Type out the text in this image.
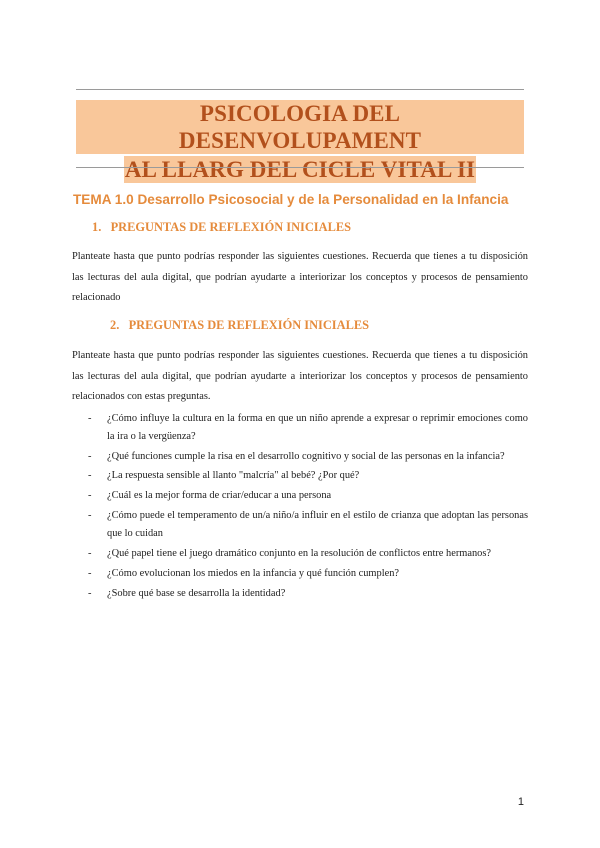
PSICOLOGIA DEL DESENVOLUPAMENT
AL LLARG DEL CICLE VITAL II
TEMA 1.0 Desarrollo Psicosocial y de la Personalidad en la Infancia
1. PREGUNTAS DE REFLEXIÓN INICIALES
Planteate hasta que punto podrías responder las siguientes cuestiones. Recuerda que tienes a tu disposición las lecturas del aula digital, que podrían ayudarte a interiorizar los conceptos y procesos de pensamiento relacionado
2. PREGUNTAS DE REFLEXIÓN INICIALES
Planteate hasta que punto podrías responder las siguientes cuestiones. Recuerda que tienes a tu disposición las lecturas del aula digital, que podrían ayudarte a interiorizar los conceptos y procesos de pensamiento relacionados con estas preguntas.
- ¿Cómo influye la cultura en la forma en que un niño aprende a expresar o reprimir emociones como la ira o la vergüenza?
- ¿Qué funciones cumple la risa en el desarrollo cognitivo y social de las personas en la infancia?
- ¿La respuesta sensible al llanto "malcría" al bebé? ¿Por qué?
- ¿Cuál es la mejor forma de criar/educar a una persona
- ¿Cómo puede el temperamento de un/a niño/a influir en el estilo de crianza que adoptan las personas que lo cuidan
- ¿Qué papel tiene el juego dramático conjunto en la resolución de conflictos entre hermanos?
- ¿Cómo evolucionan los miedos en la infancia y qué función cumplen?
- ¿Sobre qué base se desarrolla la identidad?
1
